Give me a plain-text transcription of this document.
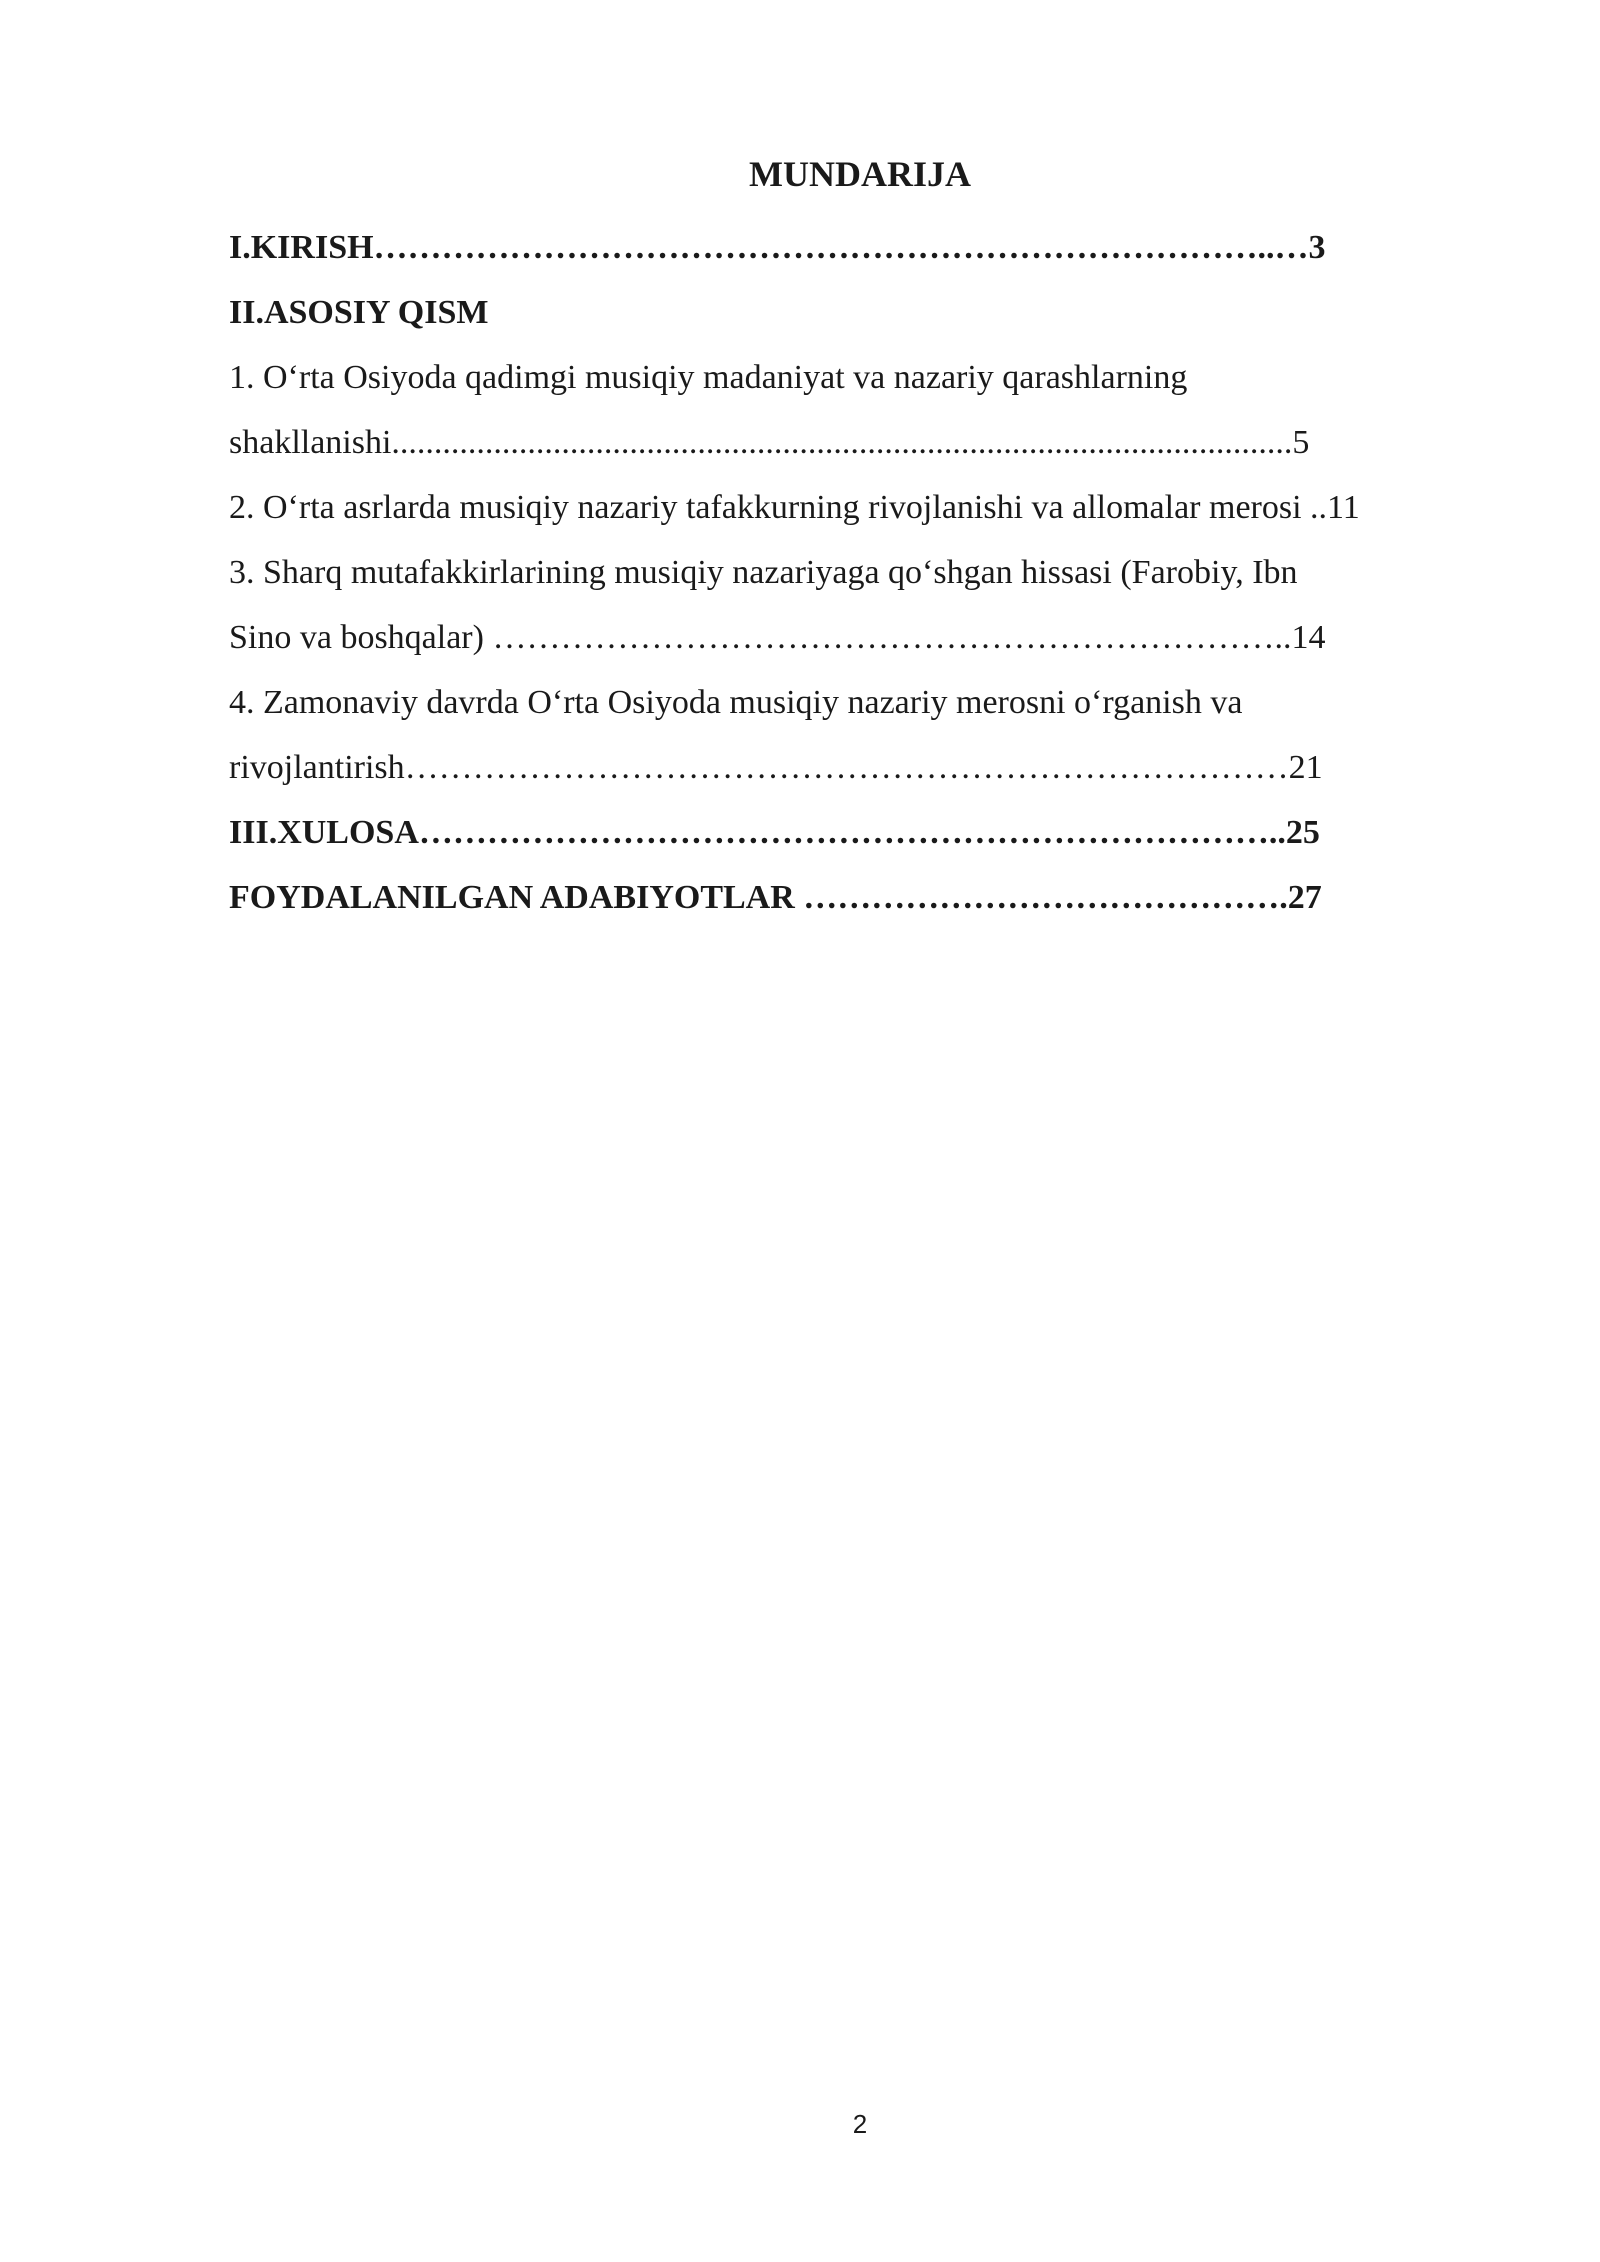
MUNDARIJA
I.KIRISH……………………………………………………………………..…3
II.ASOSIY QISM
1. O‘rta Osiyoda qadimgi musiqiy madaniyat va nazariy qarashlarning
shakllanishi..........................................................................................................5
2. O‘rta asrlarda musiqiy nazariy tafakkurning rivojlanishi va allomalar merosi ..11
3. Sharq mutafakkirlarining musiqiy nazariyaga qo‘shgan hissasi (Farobiy, Ibn
Sino va boshqalar) ……………………………………………………………..14
4. Zamonaviy davrda O‘rta Osiyoda musiqiy nazariy merosni o‘rganish va
rivojlantirish……………………………………………………………………21
III.XULOSA…………………………………………………………………..25
FOYDALANILGAN ADABIYOTLAR …………………………………….27

2
